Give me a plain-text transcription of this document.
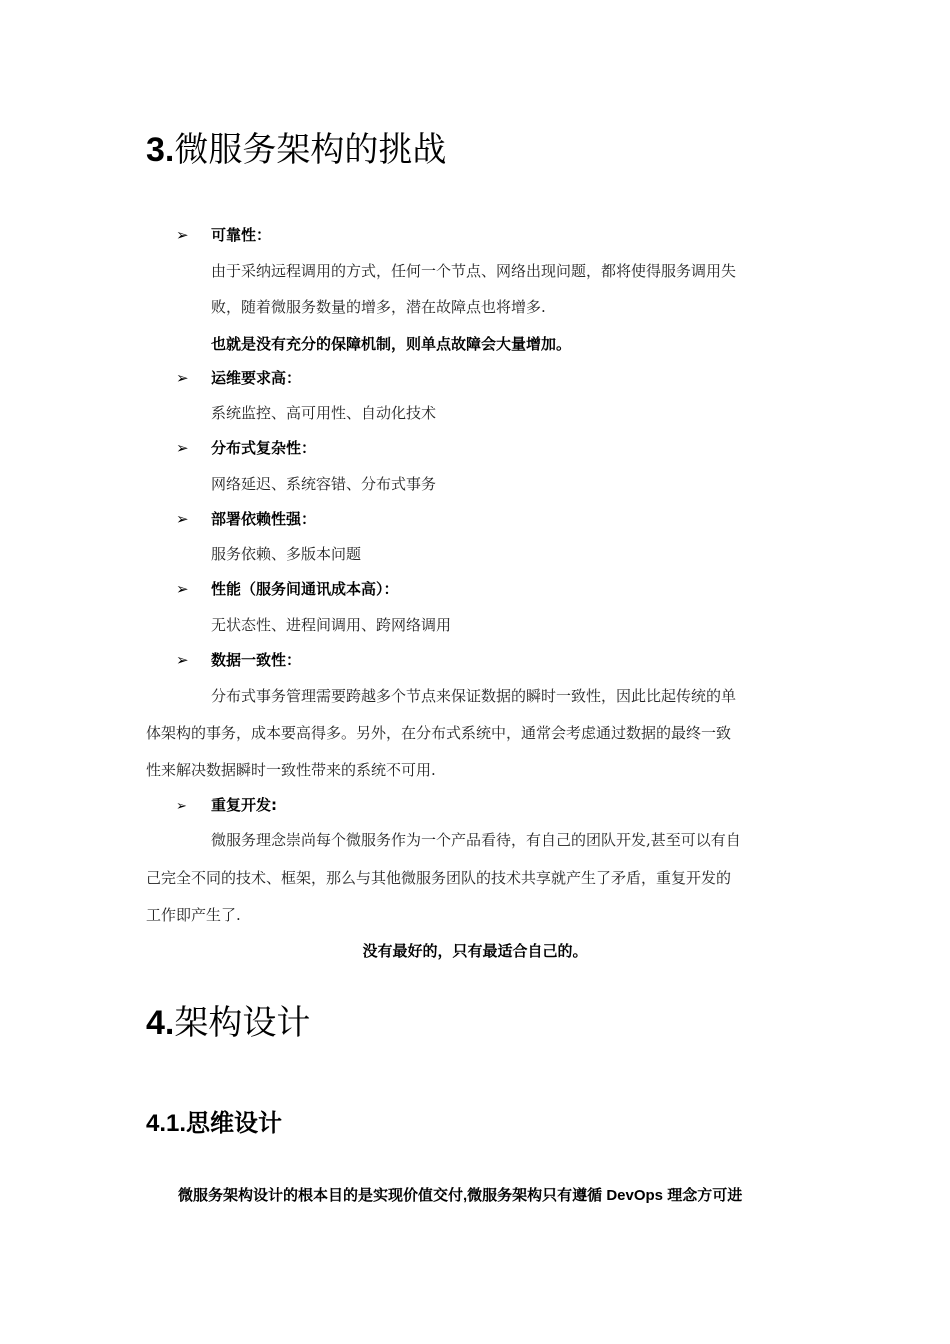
3.微服务架构的挑战
➢ 可靠性：
由于采纳远程调用的方式，任何一个节点、网络出现问题，都将使得服务调用失
败，随着微服务数量的增多，潜在故障点也将增多.
也就是没有充分的保障机制，则单点故障会大量增加。
➢ 运维要求高：
系统监控、高可用性、自动化技术
➢ 分布式复杂性：
网络延迟、系统容错、分布式事务
➢ 部署依赖性强：
服务依赖、多版本问题
➢ 性能（服务间通讯成本高）：
无状态性、进程间调用、跨网络调用
➢ 数据一致性：
分布式事务管理需要跨越多个节点来保证数据的瞬时一致性，因此比起传统的单
体架构的事务，成本要高得多。另外，在分布式系统中，通常会考虑通过数据的最终一致
性来解决数据瞬时一致性带来的系统不可用.
➢ 重复开发:
微服务理念崇尚每个微服务作为一个产品看待，有自己的团队开发,甚至可以有自
己完全不同的技术、框架，那么与其他微服务团队的技术共享就产生了矛盾，重复开发的
工作即产生了.
没有最好的，只有最适合自己的。
4.架构设计
4.1.思维设计
微服务架构设计的根本目的是实现价值交付,微服务架构只有遵循 DevOps 理念方可进
